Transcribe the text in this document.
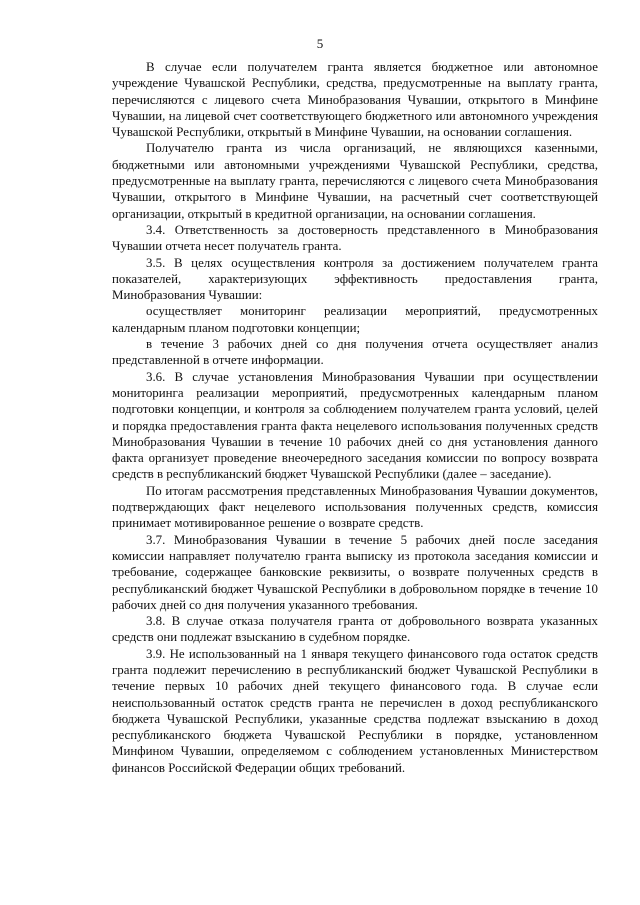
5

В случае если получателем гранта является бюджетное или автономное учреждение Чувашской Республики, средства, предусмотренные на выплату гранта, перечисляются с лицевого счета Минобразования Чувашии, открытого в Минфине Чувашии, на лицевой счет соответствующего бюджетного или автономного учреждения Чувашской Республики, открытый в Минфине Чувашии, на основании соглашения.

Получателю гранта из числа организаций, не являющихся казенными, бюджетными или автономными учреждениями Чувашской Республики, средства, предусмотренные на выплату гранта, перечисляются с лицевого счета Минобразования Чувашии, открытого в Минфине Чувашии, на расчетный счет соответствующей организации, открытый в кредитной организации, на основании соглашения.

3.4. Ответственность за достоверность представленного в Минобразования Чувашии отчета несет получатель гранта.

3.5. В целях осуществления контроля за достижением получателем гранта показателей, характеризующих эффективность предоставления гранта, Минобразования Чувашии:

осуществляет мониторинг реализации мероприятий, предусмотренных календарным планом подготовки концепции;

в течение 3 рабочих дней со дня получения отчета осуществляет анализ представленной в отчете информации.

3.6. В случае установления Минобразования Чувашии при осуществлении мониторинга реализации мероприятий, предусмотренных календарным планом подготовки концепции, и контроля за соблюдением получателем гранта условий, целей и порядка предоставления гранта факта нецелевого использования полученных средств Минобразования Чувашии в течение 10 рабочих дней со дня установления данного факта организует проведение внеочередного заседания комиссии по вопросу возврата средств в республиканский бюджет Чувашской Республики (далее – заседание).

По итогам рассмотрения представленных Минобразования Чувашии документов, подтверждающих факт нецелевого использования полученных средств, комиссия принимает мотивированное решение о возврате средств.

3.7. Минобразования Чувашии в течение 5 рабочих дней после заседания комиссии направляет получателю гранта выписку из протокола заседания комиссии и требование, содержащее банковские реквизиты, о возврате полученных средств в республиканский бюджет Чувашской Республики в добровольном порядке в течение 10 рабочих дней со дня получения указанного требования.

3.8. В случае отказа получателя гранта от добровольного возврата указанных средств они подлежат взысканию в судебном порядке.

3.9. Не использованный на 1 января текущего финансового года остаток средств гранта подлежит перечислению в республиканский бюджет Чувашской Республики в течение первых 10 рабочих дней текущего финансового года. В случае если неиспользованный остаток средств гранта не перечислен в доход республиканского бюджета Чувашской Республики, указанные средства подлежат взысканию в доход республиканского бюджета Чувашской Республики в порядке, установленном Минфином Чувашии, определяемом с соблюдением установленных Министерством финансов Российской Федерации общих требований.
